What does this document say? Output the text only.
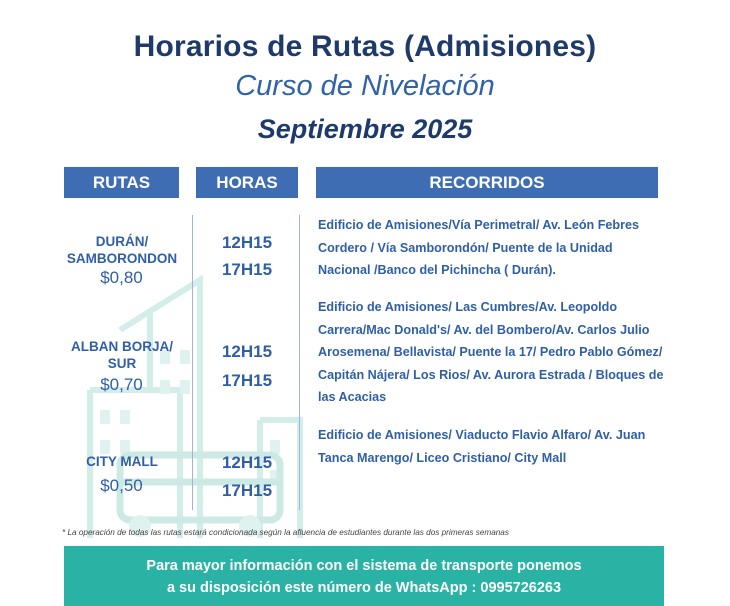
Horarios de Rutas (Admisiones)
Curso de Nivelación
Septiembre 2025
RUTAS	HORAS	RECORRIDOS
DURÁN/
SAMBORONDON
$0,80
12H15
17H15
Edificio de Amisiones/Vía Perimetral/ Av. León Febres Cordero / Vía Samborondón/ Puente de la Unidad Nacional /Banco del Pichincha ( Durán).
ALBAN BORJA/
SUR
$0,70
12H15
17H15
Edificio de Amisiones/ Las Cumbres/Av. Leopoldo Carrera/Mac Donald's/ Av. del Bombero/Av. Carlos Julio Arosemena/ Bellavista/ Puente la 17/ Pedro Pablo Gómez/ Capitán Nájera/ Los Rios/ Av. Aurora Estrada / Bloques de las Acacias
CITY MALL
$0,50
12H15
17H15
Edificio de Amisiones/ Viaducto Flavio Alfaro/ Av. Juan Tanca Marengo/ Liceo Cristiano/ City Mall
* La operación de todas las rutas estará condicionada según la afluencia de estudiantes durante las dos primeras semanas
Para mayor información con el sistema de transporte ponemos
a su disposición este número de WhatsApp : 0995726263
